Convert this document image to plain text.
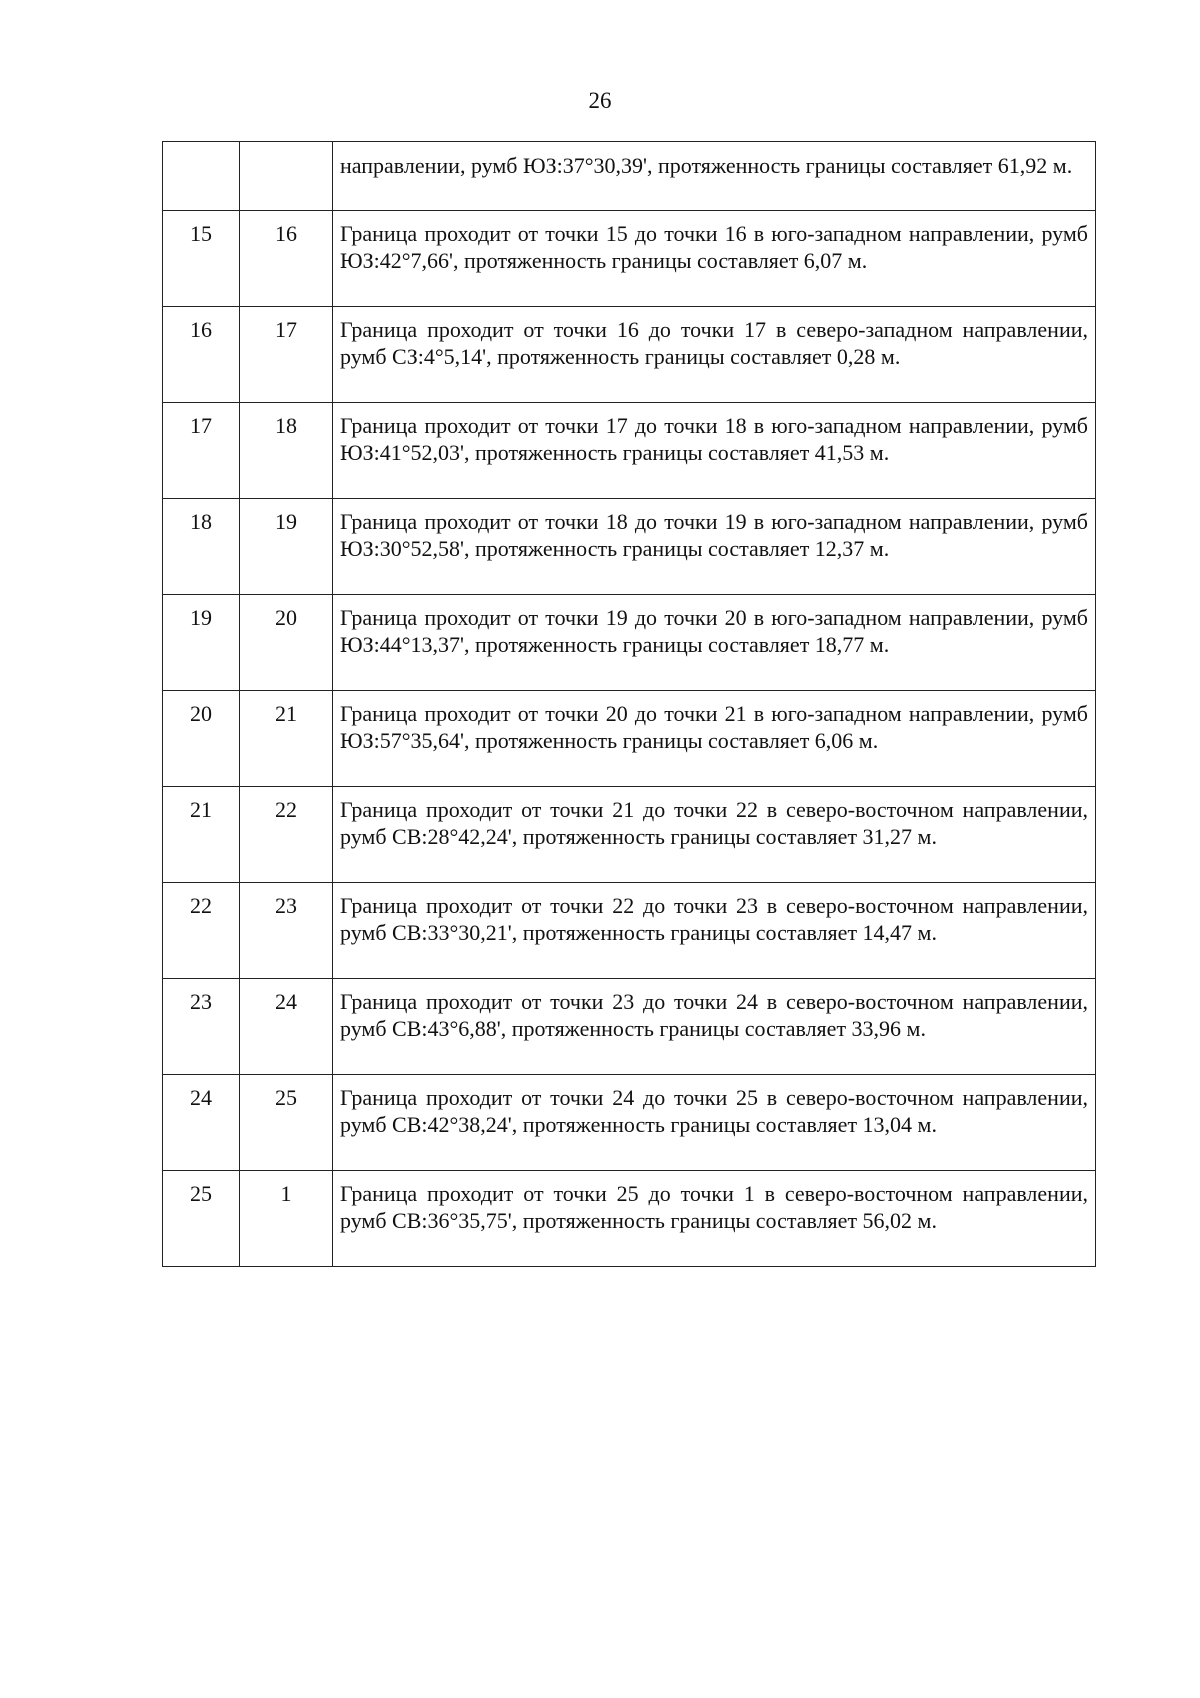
26
		направлении, румб ЮЗ:37°30,39', протяженность границы составляет 61,92 м.
15	16	Граница проходит от точки 15 до точки 16 в юго-западном направлении, румб ЮЗ:42°7,66', протяженность границы составляет 6,07 м.
16	17	Граница проходит от точки 16 до точки 17 в северо-западном направлении, румб СЗ:4°5,14', протяженность границы составляет 0,28 м.
17	18	Граница проходит от точки 17 до точки 18 в юго-западном направлении, румб ЮЗ:41°52,03', протяженность границы составляет 41,53 м.
18	19	Граница проходит от точки 18 до точки 19 в юго-западном направлении, румб ЮЗ:30°52,58', протяженность границы составляет 12,37 м.
19	20	Граница проходит от точки 19 до точки 20 в юго-западном направлении, румб ЮЗ:44°13,37', протяженность границы составляет 18,77 м.
20	21	Граница проходит от точки 20 до точки 21 в юго-западном направлении, румб ЮЗ:57°35,64', протяженность границы составляет 6,06 м.
21	22	Граница проходит от точки 21 до точки 22 в северо-восточном направлении, румб СВ:28°42,24', протяженность границы составляет 31,27 м.
22	23	Граница проходит от точки 22 до точки 23 в северо-восточном направлении, румб СВ:33°30,21', протяженность границы составляет 14,47 м.
23	24	Граница проходит от точки 23 до точки 24 в северо-восточном направлении, румб СВ:43°6,88', протяженность границы составляет 33,96 м.
24	25	Граница проходит от точки 24 до точки 25 в северо-восточном направлении, румб СВ:42°38,24', протяженность границы составляет 13,04 м.
25	1	Граница проходит от точки 25 до точки 1 в северо-восточном направлении, румб СВ:36°35,75', протяженность границы составляет 56,02 м.
